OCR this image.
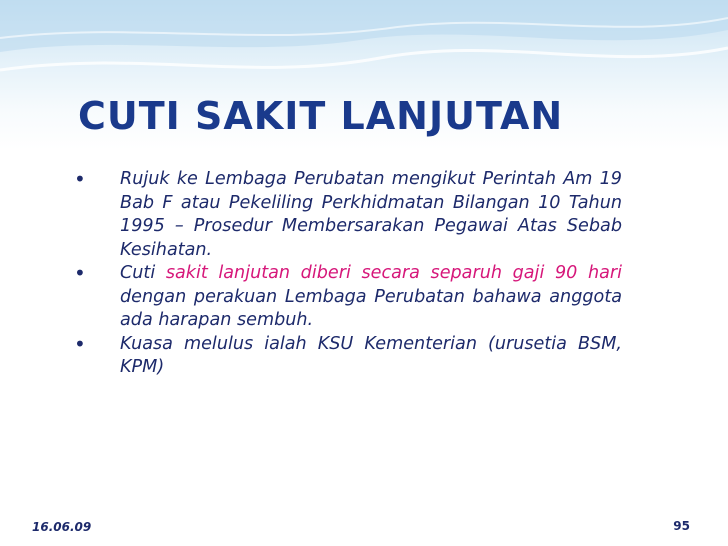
CUTI SAKIT LANJUTAN

• Rujuk ke Lembaga Perubatan mengikut Perintah Am 19 Bab F atau Pekeliling Perkhidmatan Bilangan 10 Tahun 1995 – Prosedur Membersarakan Pegawai Atas Sebab Kesihatan.

• Cuti sakit lanjutan diberi secara separuh gaji 90 hari dengan perakuan Lembaga Perubatan bahawa anggota ada harapan sembuh.

• Kuasa melulus ialah KSU Kementerian (urusetia BSM, KPM)

16.06.09	95
